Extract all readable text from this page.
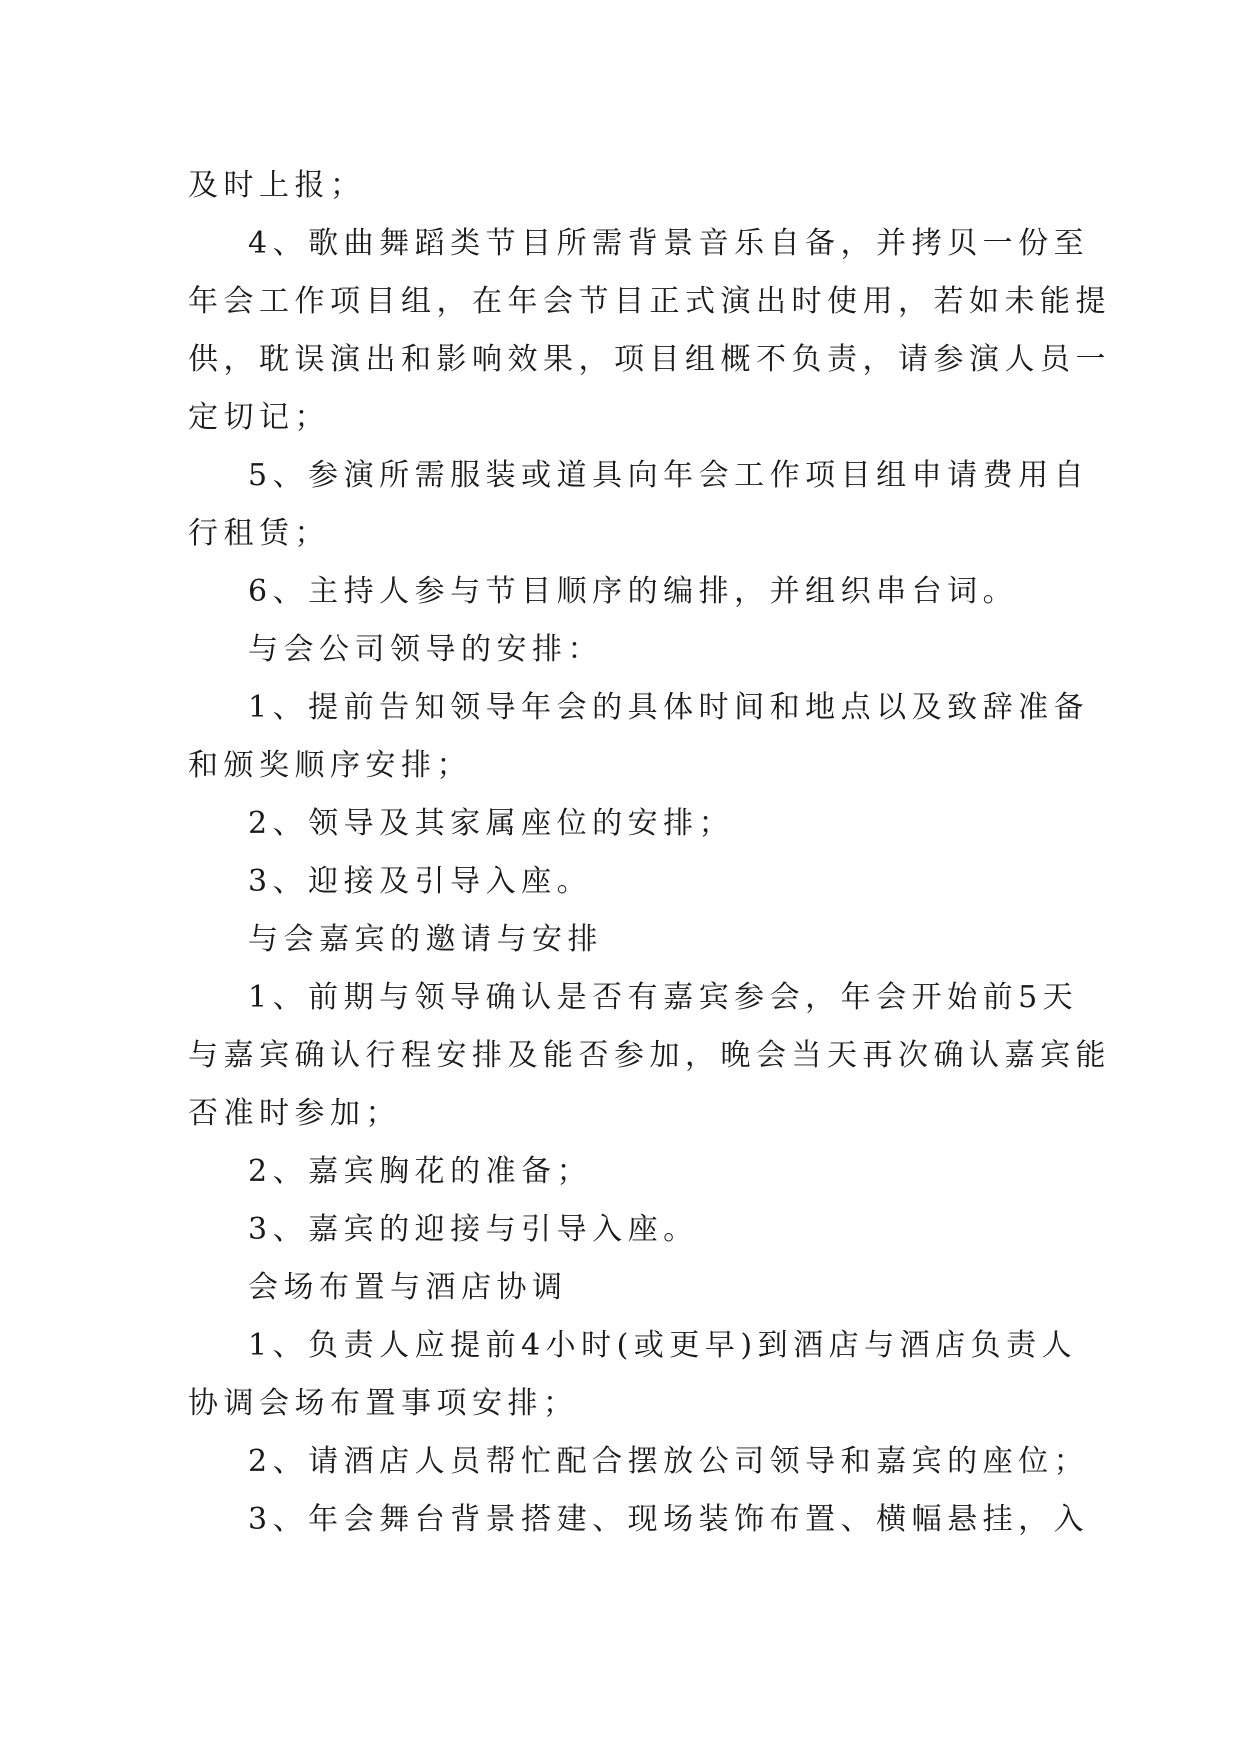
及时上报；
4、歌曲舞蹈类节目所需背景音乐自备，并拷贝一份至
年会工作项目组，在年会节目正式演出时使用，若如未能提
供，耽误演出和影响效果，项目组概不负责，请参演人员一
定切记；
5、参演所需服装或道具向年会工作项目组申请费用自
行租赁；
6、主持人参与节目顺序的编排，并组织串台词。
与会公司领导的安排：
1、提前告知领导年会的具体时间和地点以及致辞准备
和颁奖顺序安排；
2、领导及其家属座位的安排；
3、迎接及引导入座。
与会嘉宾的邀请与安排
1、前期与领导确认是否有嘉宾参会，年会开始前5天
与嘉宾确认行程安排及能否参加，晚会当天再次确认嘉宾能
否准时参加；
2、嘉宾胸花的准备；
3、嘉宾的迎接与引导入座。
会场布置与酒店协调
1、负责人应提前4小时(或更早)到酒店与酒店负责人
协调会场布置事项安排；
2、请酒店人员帮忙配合摆放公司领导和嘉宾的座位；
3、年会舞台背景搭建、现场装饰布置、横幅悬挂，入
